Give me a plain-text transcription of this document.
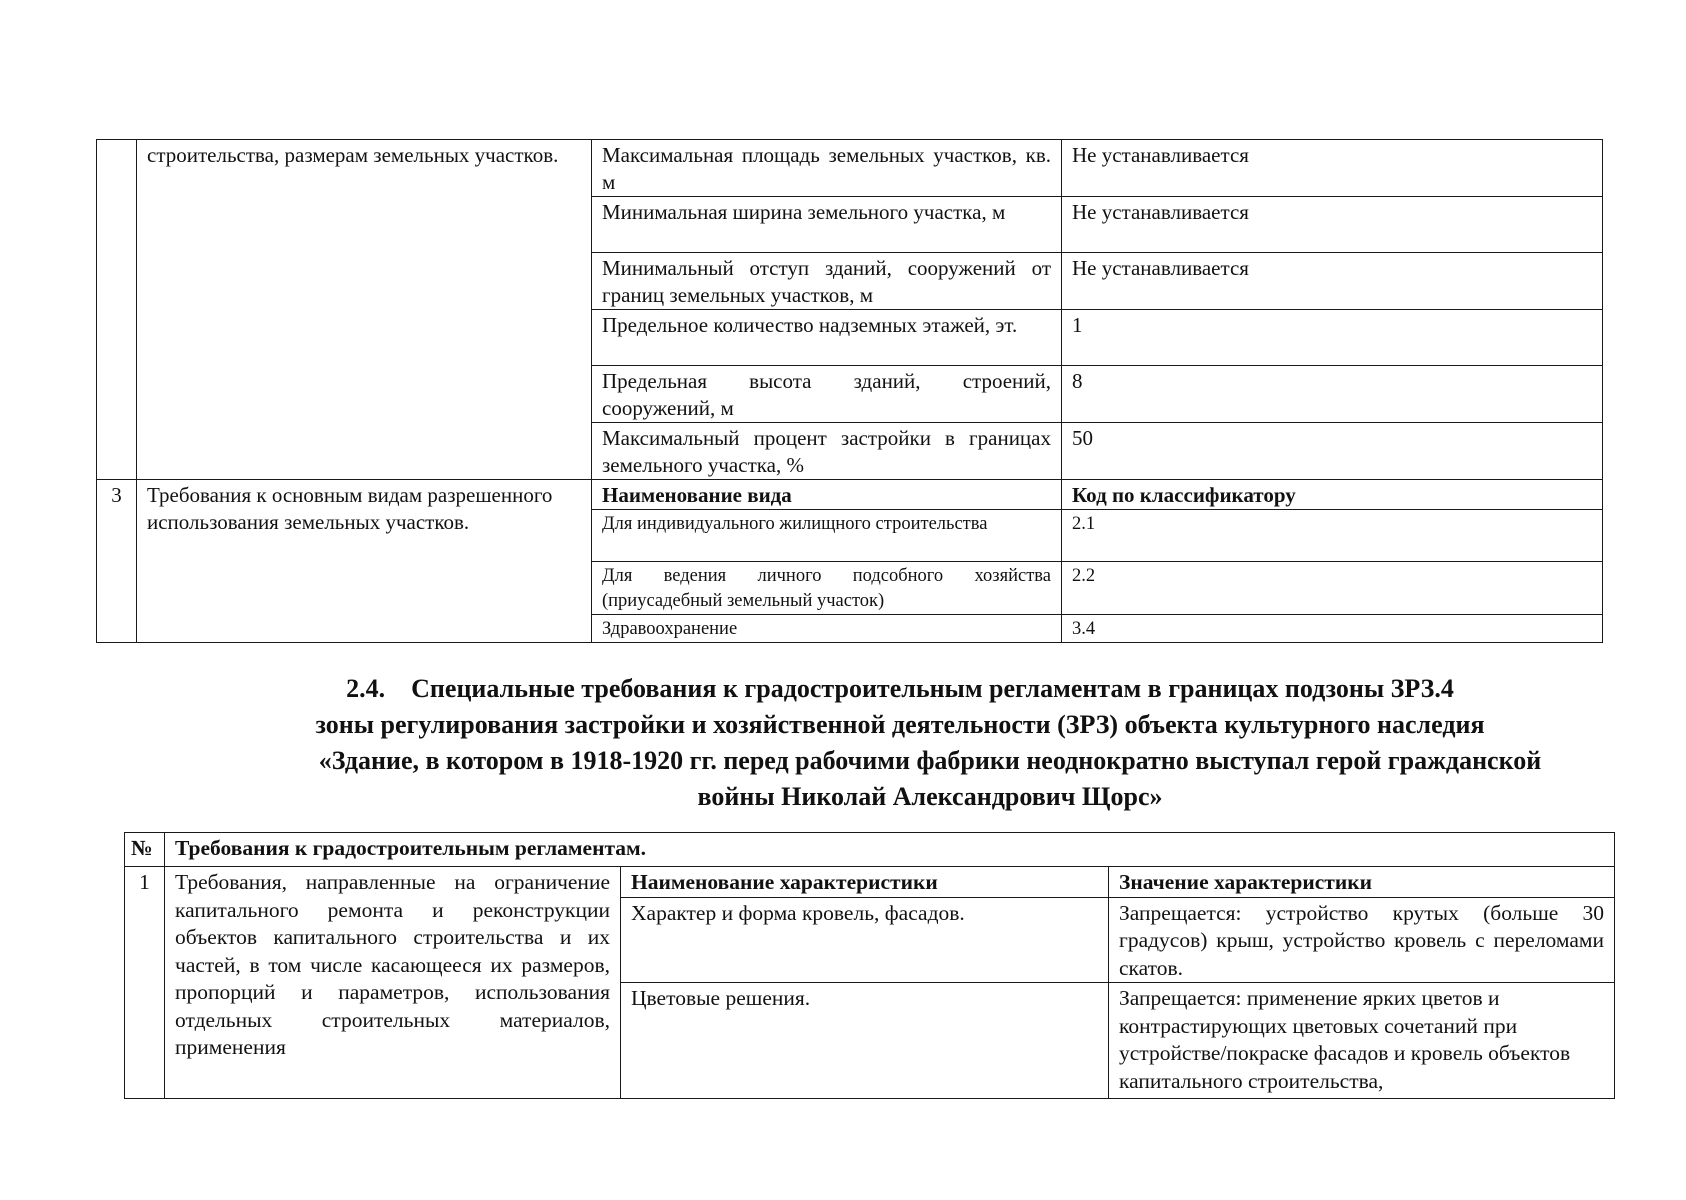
	строительства, размерам земельных участков.	Максимальная площадь земельных участков, кв. м	Не устанавливается
		Минимальная ширина земельного участка, м	Не устанавливается
		Минимальный отступ зданий, сооружений от границ земельных участков, м	Не устанавливается
		Предельное количество надземных этажей, эт.	1
		Предельная высота зданий, строений, сооружений, м	8
		Максимальный процент застройки в границах земельного участка, %	50
3	Требования к основным видам разрешенного использования земельных участков.	Наименование вида	Код по классификатору
		Для индивидуального жилищного строительства	2.1
		Для ведения личного подсобного хозяйства (приусадебный земельный участок)	2.2
		Здравоохранение	3.4
2.4.    Специальные требования к градостроительным регламентам в границах подзоны ЗРЗ.4
зоны регулирования застройки и хозяйственной деятельности (ЗРЗ) объекта культурного наследия
«Здание, в котором в 1918-1920 гг. перед рабочими фабрики неоднократно выступал герой гражданской
войны Николай Александрович Щорс»
№	Требования к градостроительным регламентам.		
1	Требования, направленные на ограничение капитального ремонта и реконструкции объектов капитального строительства и их частей, в том числе касающееся их размеров, пропорций и параметров, использования отдельных строительных материалов, применения	Наименование характеристики	Значение характеристики
		Характер и форма кровель, фасадов.	Запрещается: устройство крутых (больше 30 градусов) крыш, устройство кровель с переломами скатов.
		Цветовые решения.	Запрещается: применение ярких цветов и контрастирующих цветовых сочетаний при устройстве/покраске фасадов и кровель объектов капитального строительства,
